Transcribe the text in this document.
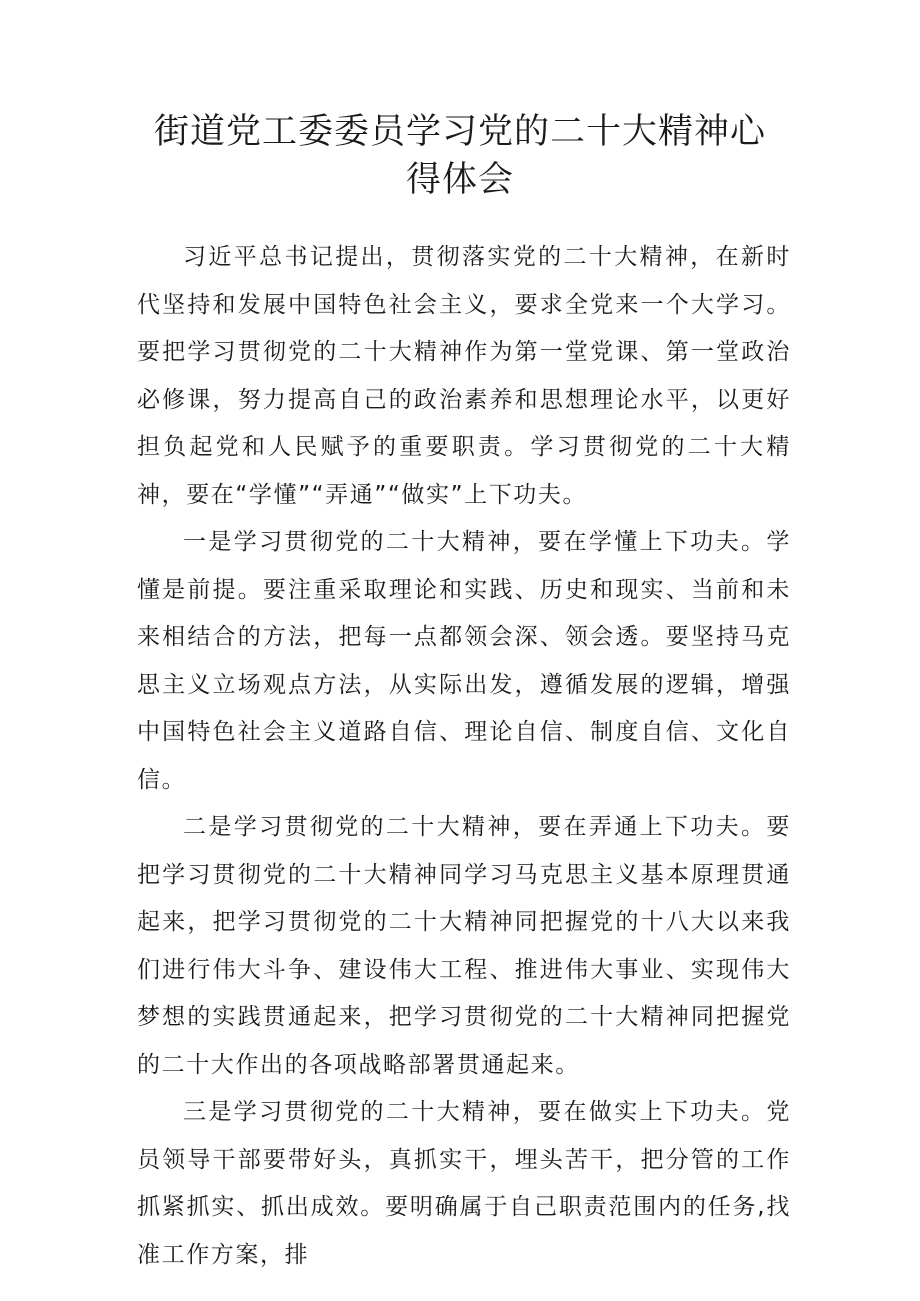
街道党工委委员学习党的二十大精神心得体会

习近平总书记提出，贯彻落实党的二十大精神，在新时代坚持和发展中国特色社会主义，要求全党来一个大学习。要把学习贯彻党的二十大精神作为第一堂党课、第一堂政治必修课，努力提高自己的政治素养和思想理论水平，以更好担负起党和人民赋予的重要职责。学习贯彻党的二十大精神，要在“学懂”“弄通”“做实”上下功夫。

一是学习贯彻党的二十大精神，要在学懂上下功夫。学懂是前提。要注重采取理论和实践、历史和现实、当前和未来相结合的方法，把每一点都领会深、领会透。要坚持马克思主义立场观点方法，从实际出发，遵循发展的逻辑，增强中国特色社会主义道路自信、理论自信、制度自信、文化自信。

二是学习贯彻党的二十大精神，要在弄通上下功夫。要把学习贯彻党的二十大精神同学习马克思主义基本原理贯通起来，把学习贯彻党的二十大精神同把握党的十八大以来我们进行伟大斗争、建设伟大工程、推进伟大事业、实现伟大梦想的实践贯通起来，把学习贯彻党的二十大精神同把握党的二十大作出的各项战略部署贯通起来。

三是学习贯彻党的二十大精神，要在做实上下功夫。党员领导干部要带好头，真抓实干，埋头苦干，把分管的工作抓紧抓实、抓出成效。要明确属于自己职责范围内的任务,找准工作方案，排
